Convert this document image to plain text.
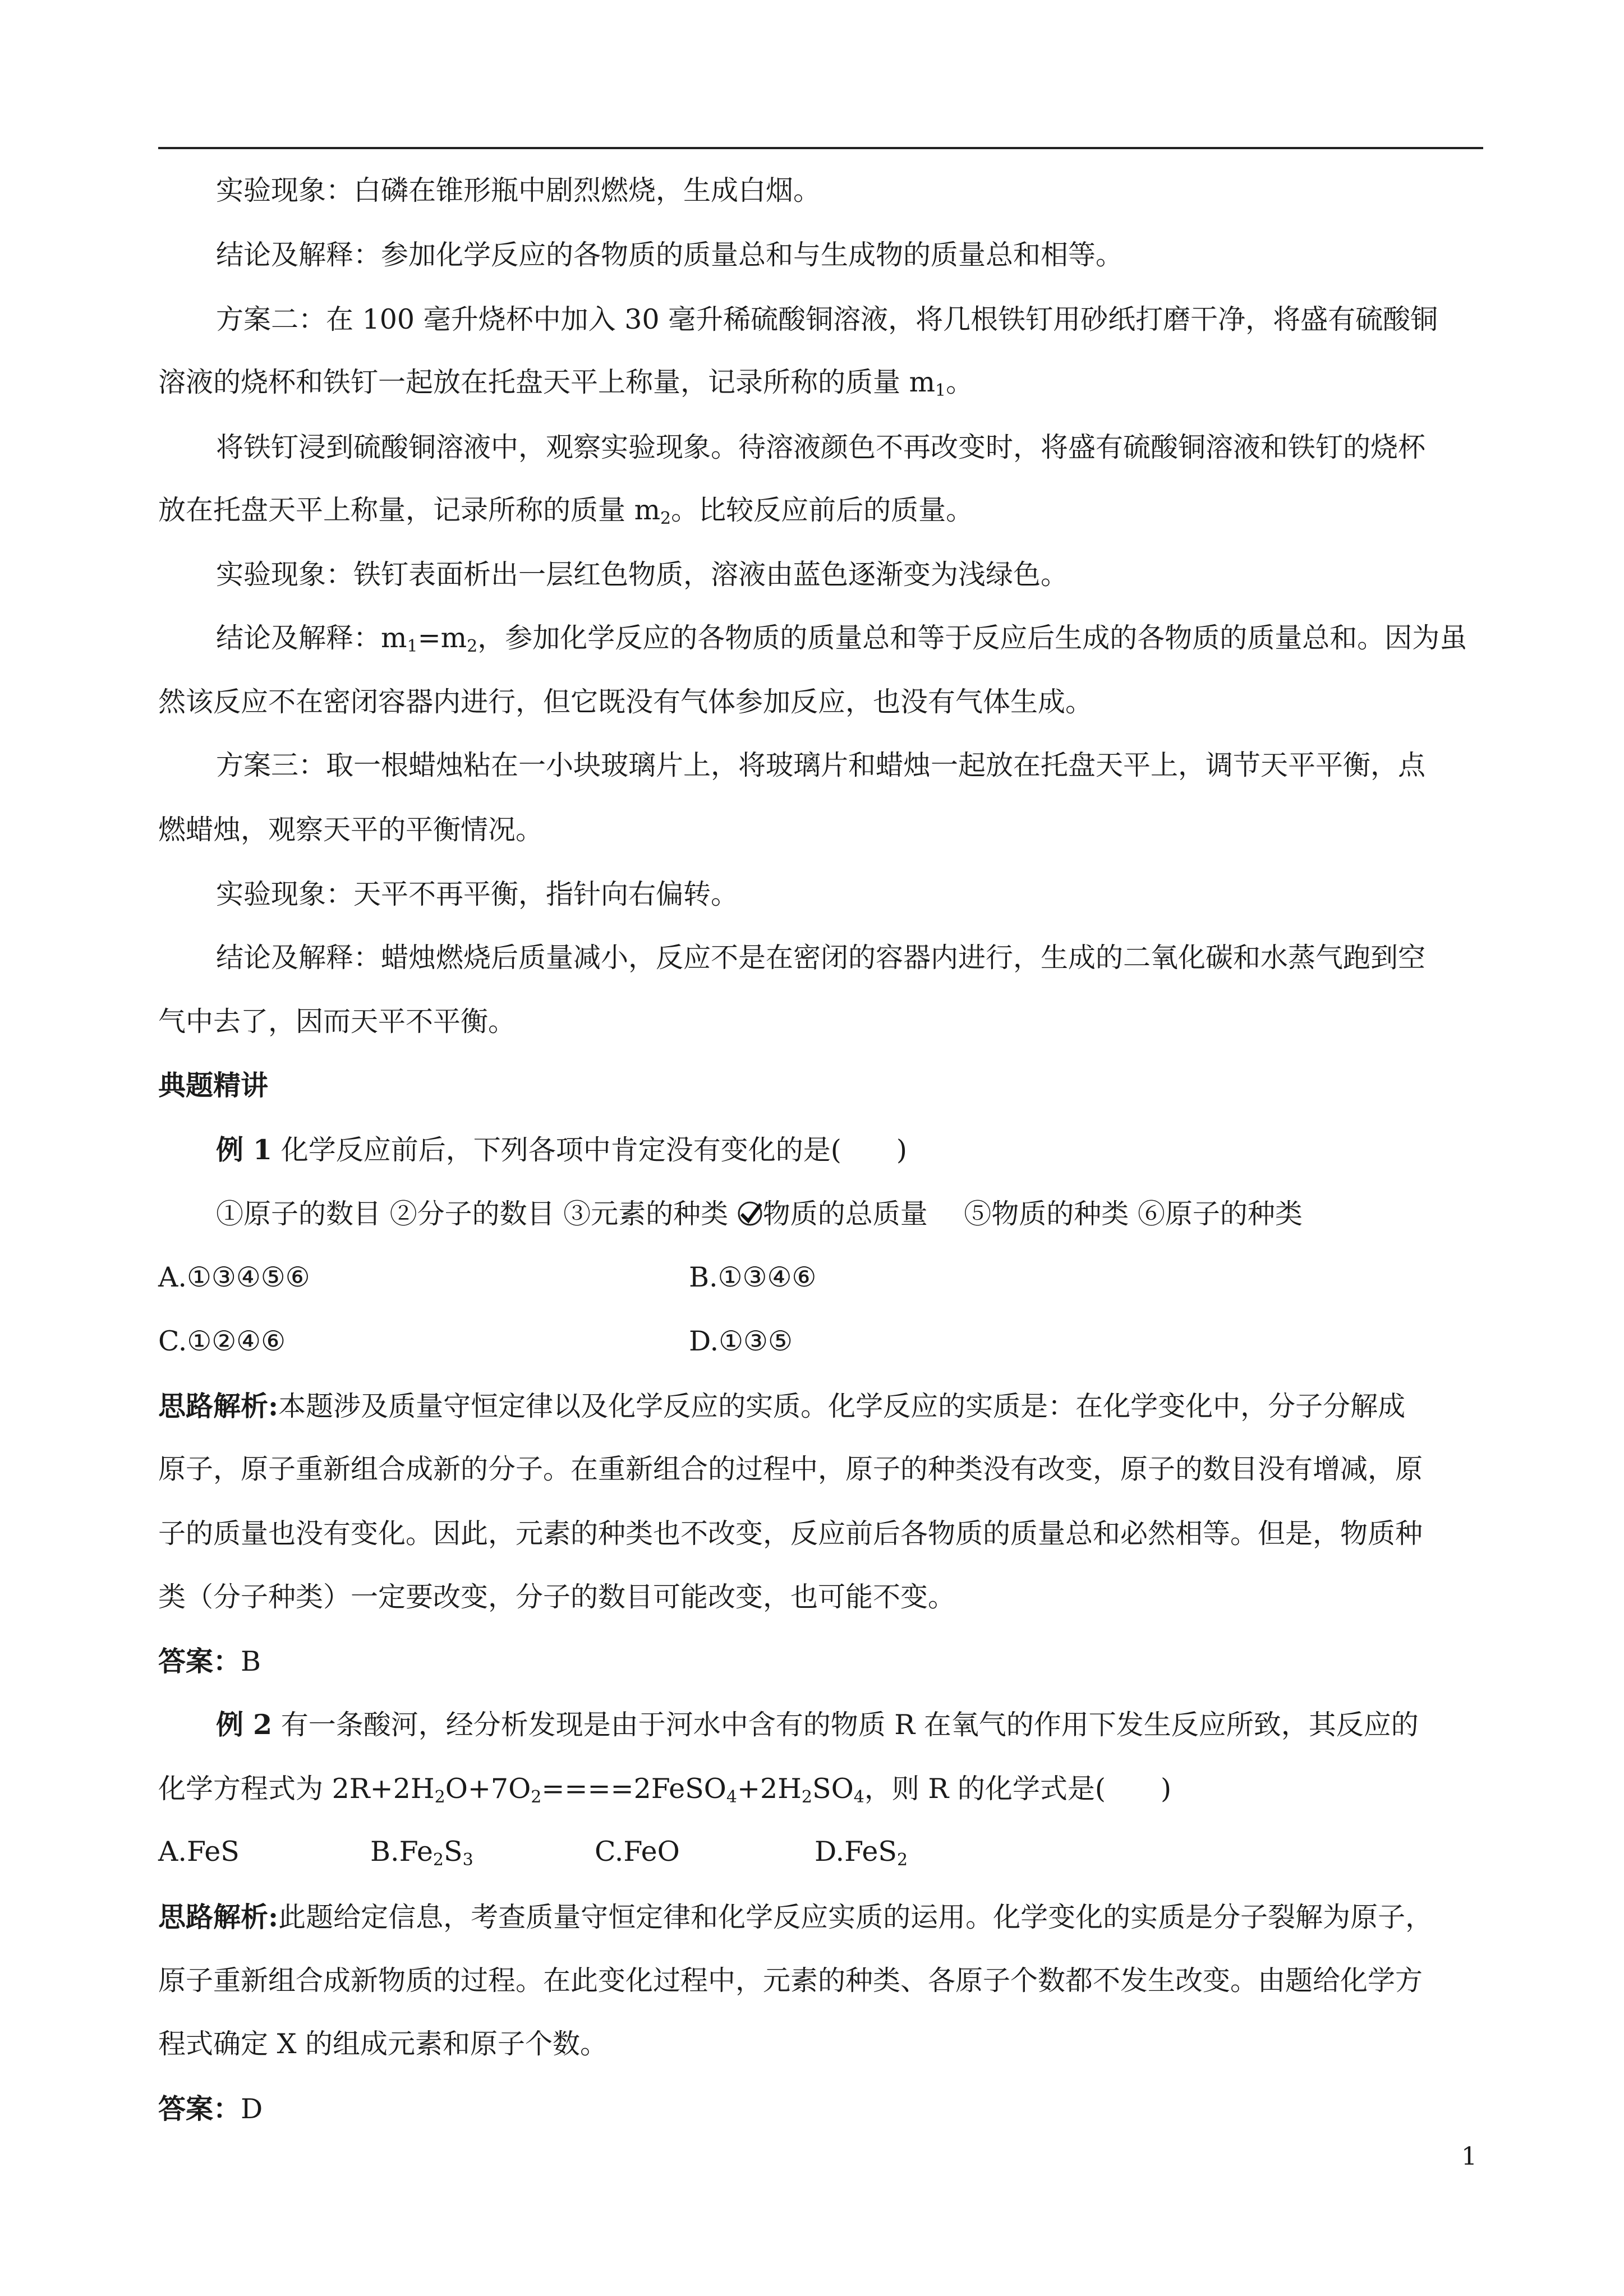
实验现象：白磷在锥形瓶中剧烈燃烧，生成白烟。
结论及解释：参加化学反应的各物质的质量总和与生成物的质量总和相等。
方案二：在 100 毫升烧杯中加入 30 毫升稀硫酸铜溶液，将几根铁钉用砂纸打磨干净，将盛有硫酸铜
溶液的烧杯和铁钉一起放在托盘天平上称量，记录所称的质量 $m_1$。
将铁钉浸到硫酸铜溶液中，观察实验现象。待溶液颜色不再改变时，将盛有硫酸铜溶液和铁钉的烧杯
放在托盘天平上称量，记录所称的质量 $m_2$。比较反应前后的质量。
实验现象：铁钉表面析出一层红色物质，溶液由蓝色逐渐变为浅绿色。
结论及解释：$m_1=m_2$，参加化学反应的各物质的质量总和等于反应后生成的各物质的质量总和。因为虽
然该反应不在密闭容器内进行，但它既没有气体参加反应，也没有气体生成。
方案三：取一根蜡烛粘在一小块玻璃片上，将玻璃片和蜡烛一起放在托盘天平上，调节天平平衡，点
燃蜡烛，观察天平的平衡情况。
实验现象：天平不再平衡，指针向右偏转。
结论及解释：蜡烛燃烧后质量减小，反应不是在密闭的容器内进行，生成的二氧化碳和水蒸气跑到空
气中去了，因而天平不平衡。
典题精讲
例 1 化学反应前后，下列各项中肯定没有变化的是(　　)
①原子的数目 ②分子的数目 ③元素的种类 物质的总质量 　⑤物质的种类 ⑥原子的种类
A.①③④⑤⑥	B.①③④⑥
C.①②④⑥	D.①③⑤
思路解析:本题涉及质量守恒定律以及化学反应的实质。化学反应的实质是：在化学变化中，分子分解成
原子，原子重新组合成新的分子。在重新组合的过程中，原子的种类没有改变，原子的数目没有增减，原
子的质量也没有变化。因此，元素的种类也不改变，反应前后各物质的质量总和必然相等。但是，物质种
类（分子种类）一定要改变，分子的数目可能改变，也可能不变。
答案：B
例 2 有一条酸河，经分析发现是由于河水中含有的物质 R 在氧气的作用下发生反应所致，其反应的
化学方程式为 $2R+2H_2O+7O_2====2FeSO_4+2H_2SO_4$，则 R 的化学式是(　　)
A.FeS	$B.Fe_2S_3$	C.FeO	D.FeS$_2$
思路解析:此题给定信息，考查质量守恒定律和化学反应实质的运用。化学变化的实质是分子裂解为原子，
原子重新组合成新物质的过程。在此变化过程中，元素的种类、各原子个数都不发生改变。由题给化学方
程式确定 X 的组成元素和原子个数。
答案：D
1
